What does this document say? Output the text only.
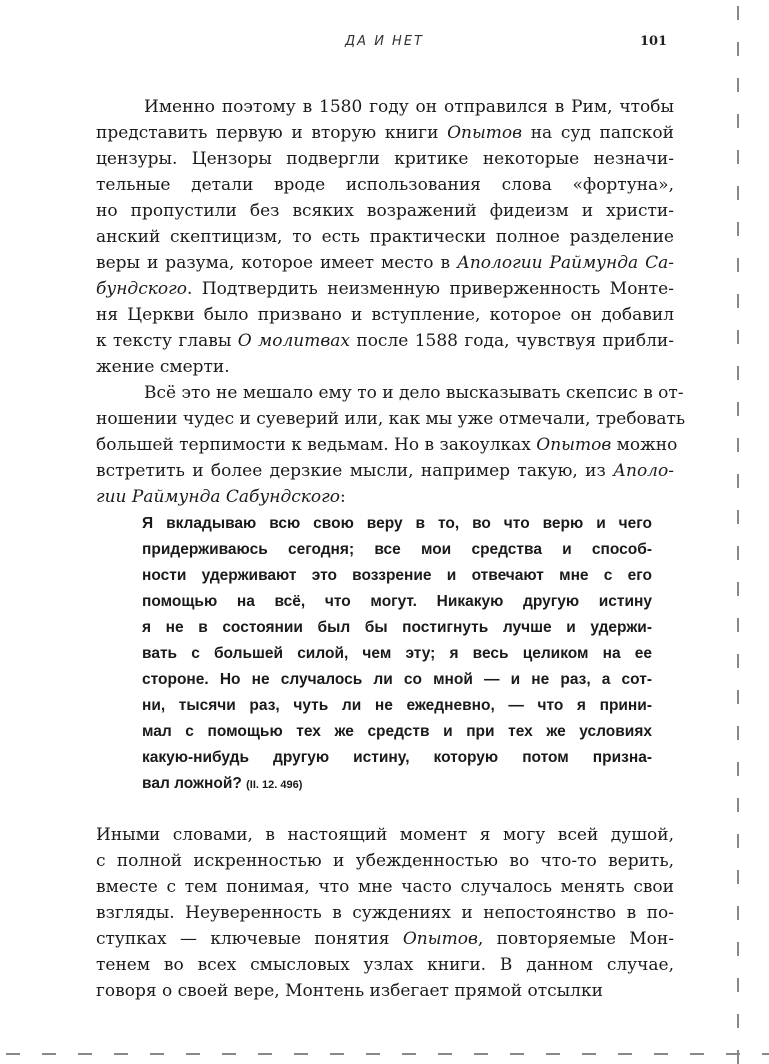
ДА И НЕТ	101
Именно поэтому в 1580 году он отправился в Рим, чтобы
представить первую и вторую книги Опытов на суд папской
цензуры. Цензоры подвергли критике некоторые незначи-
тельные детали вроде использования слова «фортуна»,
но пропустили без всяких возражений фидеизм и христи-
анский скептицизм, то есть практически полное разделение
веры и разума, которое имеет место в Апологии Раймунда Са-
бундского. Подтвердить неизменную приверженность Монте-
ня Церкви было призвано и вступление, которое он добавил
к тексту главы О молитвах после 1588 года, чувствуя прибли-
жение смерти.
Всё это не мешало ему то и дело высказывать скепсис в от-
ношении чудес и суеверий или, как мы уже отмечали, требовать
большей терпимости к ведьмам. Но в закоулках Опытов можно
встретить и более дерзкие мысли, например такую, из Аполо-
гии Раймунда Сабундского:
Я вкладываю всю свою веру в то, во что верю и чего
придерживаюсь сегодня; все мои средства и способ-
ности удерживают это воззрение и отвечают мне с его
помощью на всё, что могут. Никакую другую истину
я не в состоянии был бы постигнуть лучше и удержи-
вать с большей силой, чем эту; я весь целиком на ее
стороне. Но не случалось ли со мной — и не раз, а сот-
ни, тысячи раз, чуть ли не ежедневно, — что я прини-
мал с помощью тех же средств и при тех же условиях
какую-нибудь другую истину, которую потом призна-
вал ложной? (II. 12. 496)
Иными словами, в настоящий момент я могу всей душой,
с полной искренностью и убежденностью во что-то верить,
вместе с тем понимая, что мне часто случалось менять свои
взгляды. Неуверенность в суждениях и непостоянство в по-
ступках — ключевые понятия Опытов, повторяемые Мон-
тенем во всех смысловых узлах книги. В данном случае,
говоря о своей вере, Монтень избегает прямой отсылки
